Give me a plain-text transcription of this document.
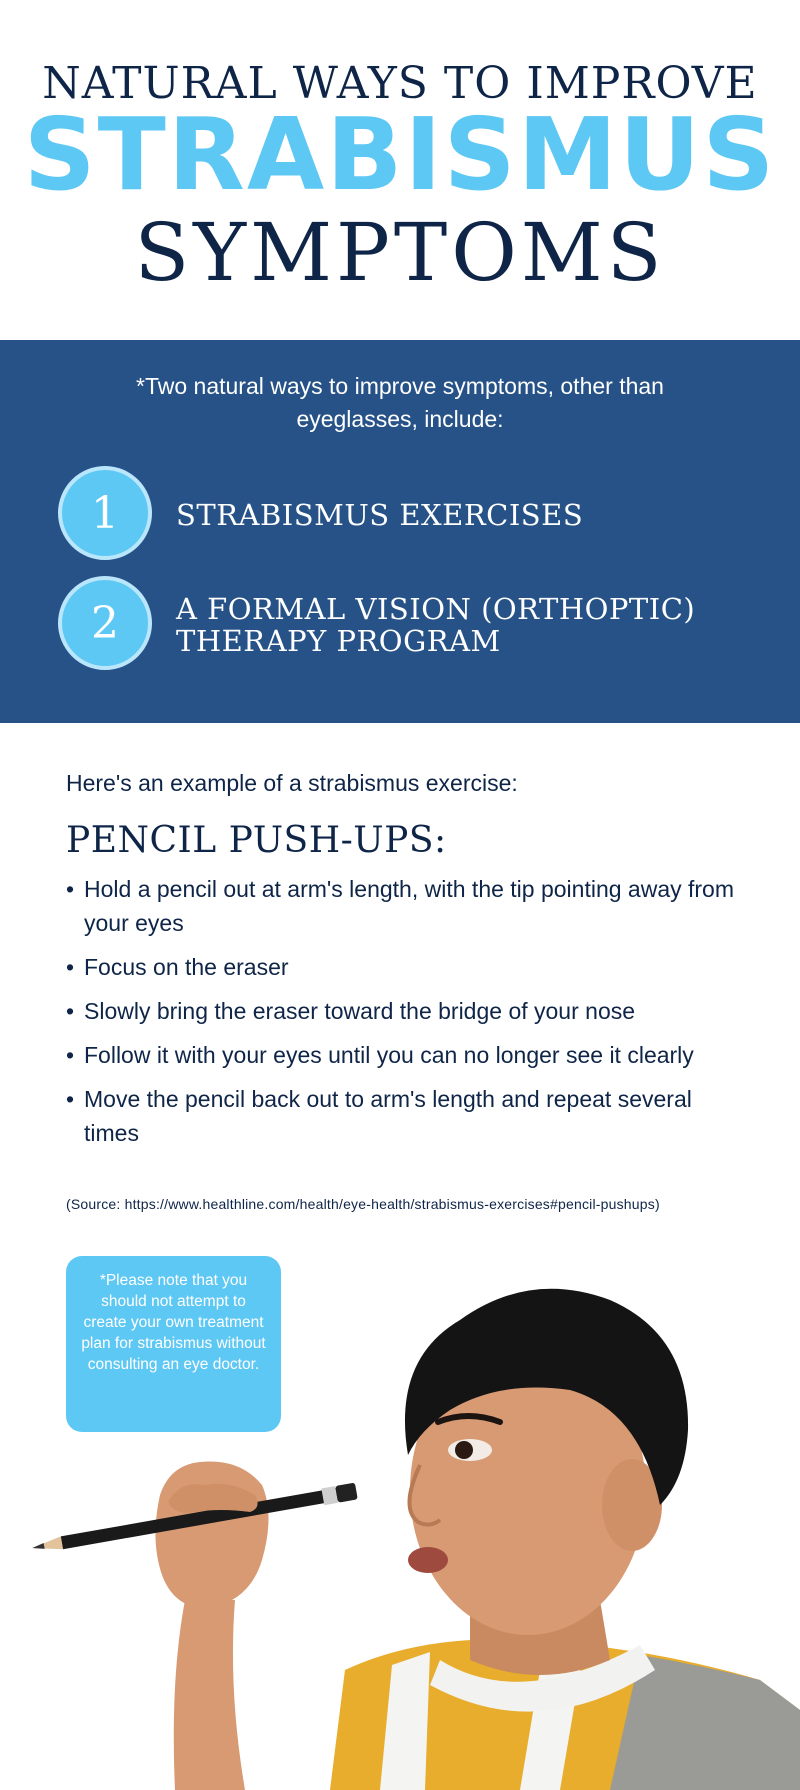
NATURAL WAYS TO IMPROVE
STRABISMUS
SYMPTOMS
*Two natural ways to improve symptoms, other than eyeglasses, include:
1 STRABISMUS EXERCISES
2 A FORMAL VISION (ORTHOPTIC) THERAPY PROGRAM
Here's an example of a strabismus exercise:
PENCIL PUSH-UPS:
• Hold a pencil out at arm's length, with the tip pointing away from your eyes
• Focus on the eraser
• Slowly bring the eraser toward the bridge of your nose
• Follow it with your eyes until you can no longer see it clearly
• Move the pencil back out to arm's length and repeat several times
(Source: https://www.healthline.com/health/eye-health/strabismus-exercises#pencil-pushups)
*Please note that you should not attempt to create your own treatment plan for strabismus without consulting an eye doctor.
